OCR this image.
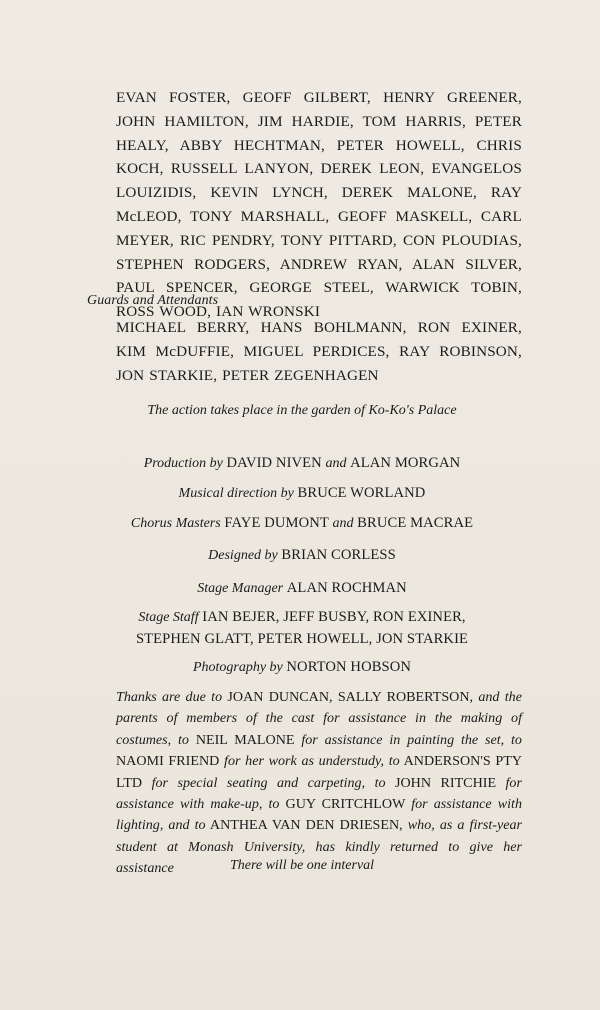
EVAN FOSTER, GEOFF GILBERT, HENRY GREENER, JOHN HAMILTON, JIM HARDIE, TOM HARRIS, PETER HEALY, ABBY HECHTMAN, PETER HOWELL, CHRIS KOCH, RUSSELL LANYON, DEREK LEON, EVANGELOS LOUIZIDIS, KEVIN LYNCH, DEREK MALONE, RAY McLEOD, TONY MARSHALL, GEOFF MASKELL, CARL MEYER, RIC PENDRY, TONY PITTARD, CON PLOUDIAS, STEPHEN RODGERS, ANDREW RYAN, ALAN SILVER, PAUL SPENCER, GEORGE STEEL, WARWICK TOBIN, ROSS WOOD, IAN WRONSKI

Guards and Attendants

MICHAEL BERRY, HANS BOHLMANN, RON EXINER, KIM McDUFFIE, MIGUEL PERDICES, RAY ROBINSON, JON STARKIE, PETER ZEGENHAGEN

The action takes place in the garden of Ko-Ko's Palace

Production by DAVID NIVEN and ALAN MORGAN

Musical direction by BRUCE WORLAND

Chorus Masters FAYE DUMONT and BRUCE MACRAE

Designed by BRIAN CORLESS

Stage Manager ALAN ROCHMAN

Stage Staff IAN BEJER, JEFF BUSBY, RON EXINER,
STEPHEN GLATT, PETER HOWELL, JON STARKIE

Photography by NORTON HOBSON

Thanks are due to JOAN DUNCAN, SALLY ROBERTSON, and the parents of members of the cast for assistance in the making of costumes, to NEIL MALONE for assistance in painting the set, to NAOMI FRIEND for her work as understudy, to ANDERSON'S PTY LTD for special seating and carpeting, to JOHN RITCHIE for assistance with make-up, to GUY CRITCHLOW for assistance with lighting, and to ANTHEA VAN DEN DRIESEN, who, as a first-year student at Monash University, has kindly returned to give her assistance	There will be one interval
